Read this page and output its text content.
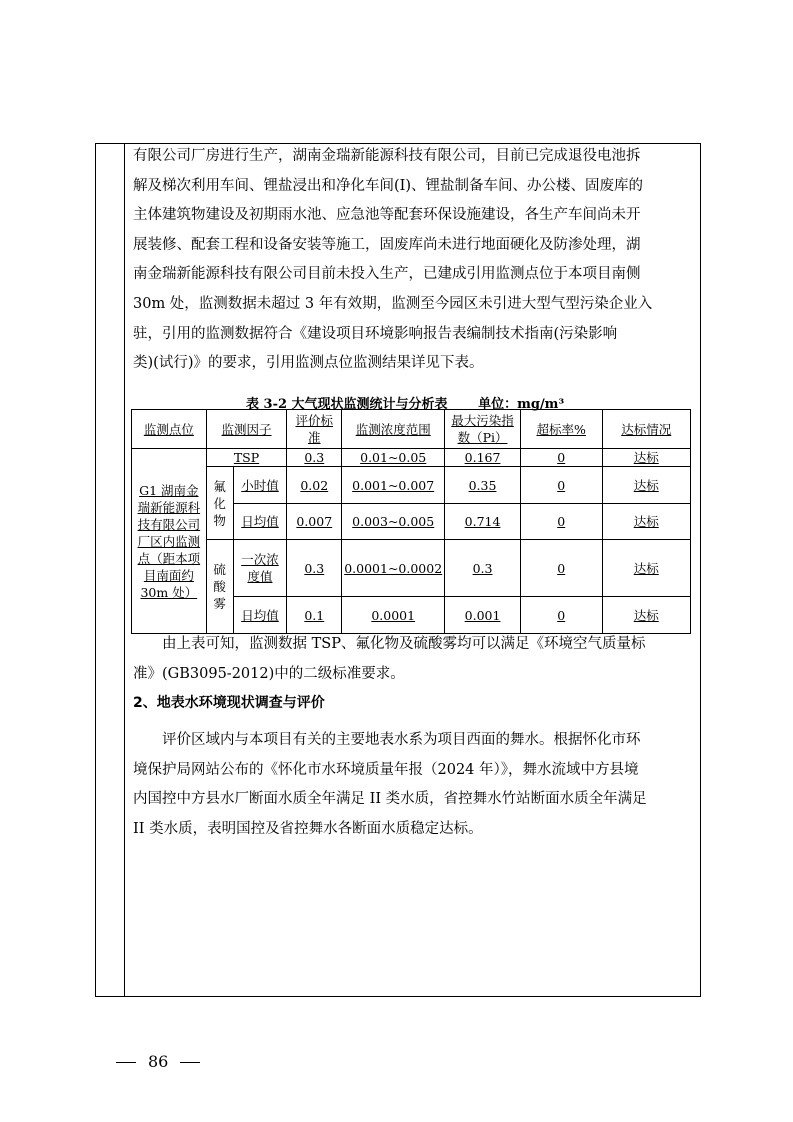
有限公司厂房进行生产，湖南金瑞新能源科技有限公司，目前已完成退役电池拆
解及梯次利用车间、锂盐浸出和净化车间(I)、锂盐制备车间、办公楼、固废库的
主体建筑物建设及初期雨水池、应急池等配套环保设施建设，各生产车间尚未开
展装修、配套工程和设备安装等施工，固废库尚未进行地面硬化及防渗处理，湖
南金瑞新能源科技有限公司目前未投入生产，已建成引用监测点位于本项目南侧
30m 处，监测数据未超过 3 年有效期，监测至今园区未引进大型气型污染企业入
驻，引用的监测数据符合《建设项目环境影响报告表编制技术指南(污染影响
类)(试行)》的要求，引用监测点位监测结果详见下表。
表 3-2 大气现状监测统计与分析表 单位：mg/m³
监测点位	监测因子		评价标准	监测浓度范围	最大污染指数（Pi）	超标率%	达标情况
G1 湖南金瑞新能源科技有限公司厂区内监测点（距本项目南面约 30m 处）	TSP		0.3	0.01~0.05	0.167	0	达标
	氟化物	小时值	0.02	0.001~0.007	0.35	0	达标
		日均值	0.007	0.003~0.005	0.714	0	达标
	硫酸雾	一次浓度值	0.3	0.0001~0.0002	0.3	0	达标
		日均值	0.1	0.0001	0.001	0	达标
由上表可知，监测数据 TSP、氟化物及硫酸雾均可以满足《环境空气质量标
准》(GB3095-2012)中的二级标准要求。
2、地表水环境现状调查与评价
评价区域内与本项目有关的主要地表水系为项目西面的舞水。根据怀化市环
境保护局网站公布的《怀化市水环境质量年报（2024 年）》，舞水流域中方县境
内国控中方县水厂断面水质全年满足 II 类水质，省控舞水竹站断面水质全年满足
II 类水质，表明国控及省控舞水各断面水质稳定达标。
86
